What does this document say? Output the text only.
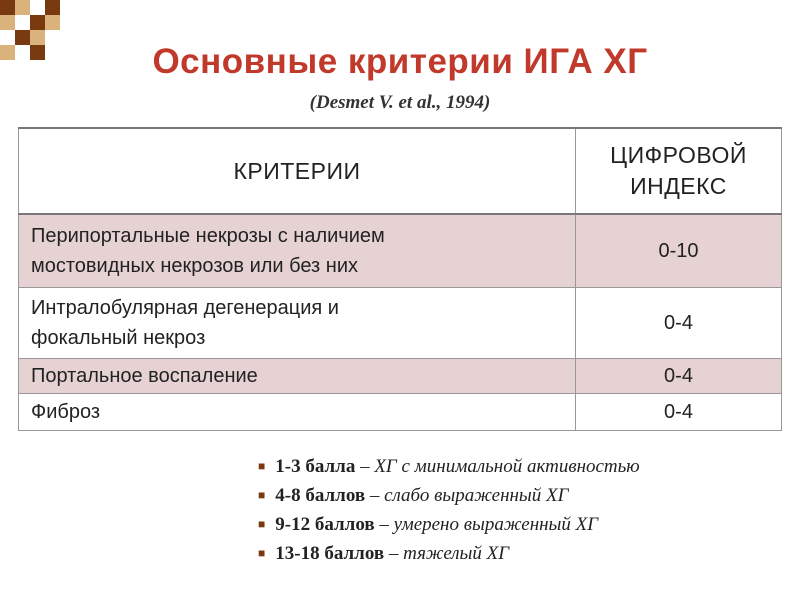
Основные критерии ИГА ХГ
(Desmet V. et al., 1994)
КРИТЕРИИ	ЦИФРОВОЙ
ИНДЕКС
Перипортальные некрозы с наличием
мостовидных некрозов или без них	0-10
Интралобулярная дегенерация и
фокальный некроз	0-4
Портальное воспаление	0-4
Фиброз	0-4
■ 1-3 балла – ХГ с минимальной активностью
■ 4-8 баллов – слабо выраженный ХГ
■ 9-12 баллов – умерено выраженный ХГ
■ 13-18 баллов – тяжелый ХГ
